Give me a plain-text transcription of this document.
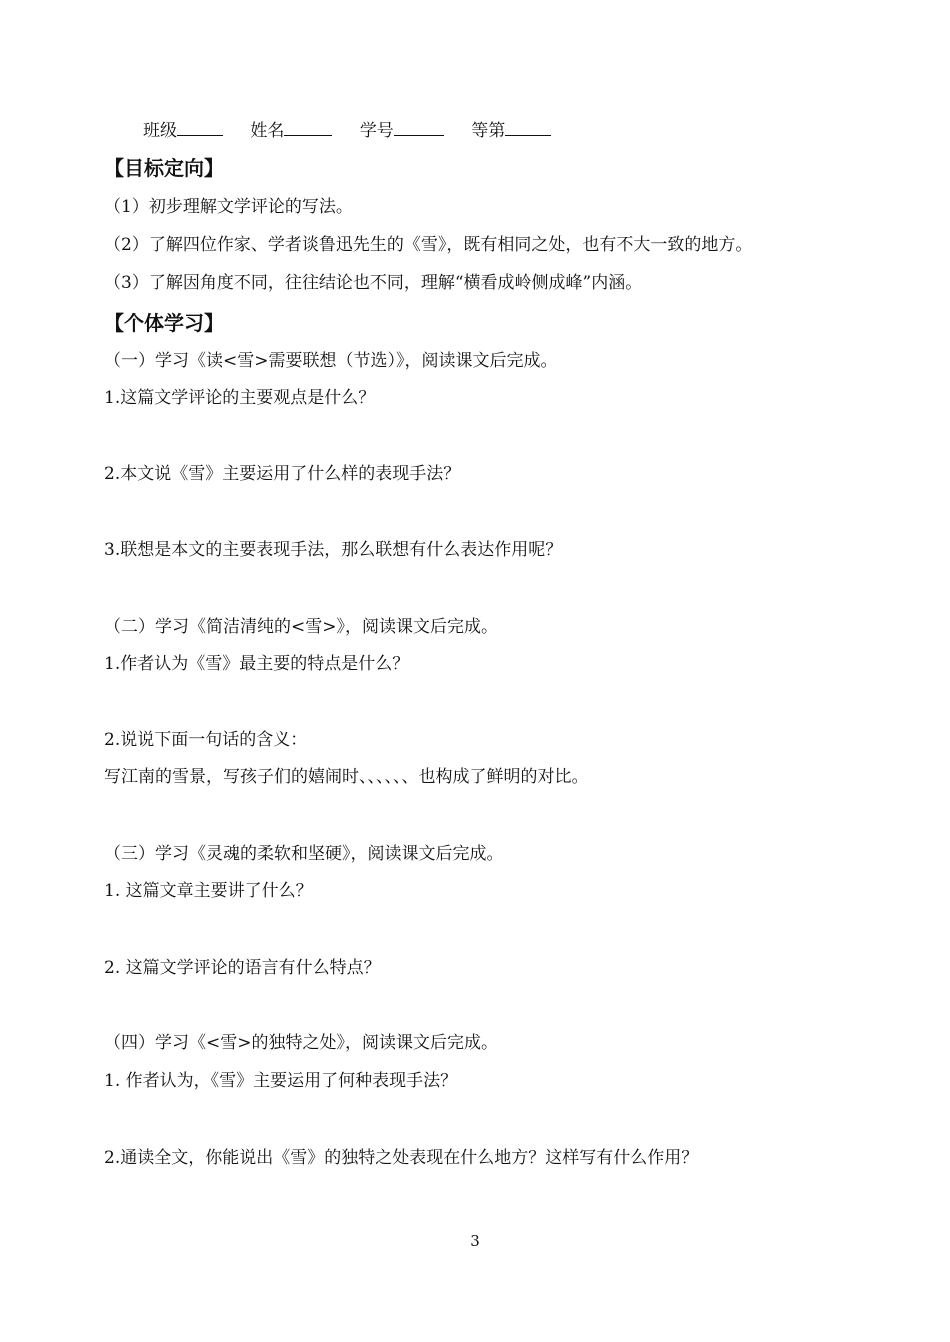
班级	姓名	学号	等第
【目标定向】
（1）初步理解文学评论的写法。
（2）了解四位作家、学者谈鲁迅先生的《雪》，既有相同之处，也有不大一致的地方。
（3）了解因角度不同，往往结论也不同，理解“横看成岭侧成峰”内涵。
【个体学习】
（一）学习《读<雪>需要联想（节选）》，阅读课文后完成。
1.这篇文学评论的主要观点是什么？
2.本文说《雪》主要运用了什么样的表现手法？
3.联想是本文的主要表现手法，那么联想有什么表达作用呢？
（二）学习《简洁清纯的<雪>》，阅读课文后完成。
1.作者认为《雪》最主要的特点是什么？
2.说说下面一句话的含义：
写江南的雪景，写孩子们的嬉闹时、、、、、、也构成了鲜明的对比。
（三）学习《灵魂的柔软和坚硬》，阅读课文后完成。
1. 这篇文章主要讲了什么？
2. 这篇文学评论的语言有什么特点？
（四）学习《<雪>的独特之处》，阅读课文后完成。
1. 作者认为，《雪》主要运用了何种表现手法？
2.通读全文，你能说出《雪》的独特之处表现在什么地方？这样写有什么作用？
3
